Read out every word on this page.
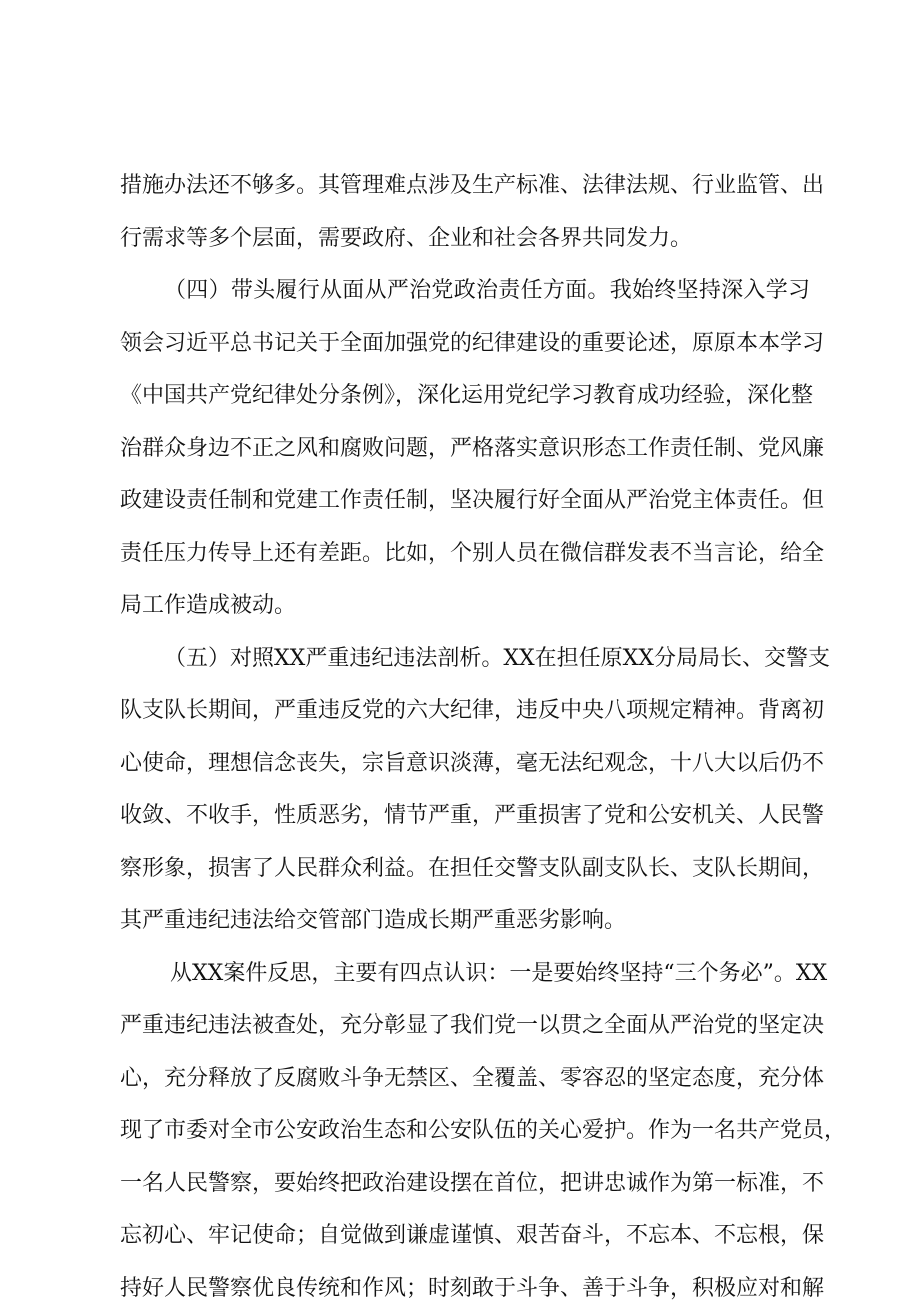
措施办法还不够多。其管理难点涉及生产标准、法律法规、行业监管、出
行需求等多个层面，需要政府、企业和社会各界共同发力。
（四）带头履行从面从严治党政治责任方面。我始终坚持深入学习
领会习近平总书记关于全面加强党的纪律建设的重要论述，原原本本学习
《中国共产党纪律处分条例》，深化运用党纪学习教育成功经验，深化整
治群众身边不正之风和腐败问题，严格落实意识形态工作责任制、党风廉
政建设责任制和党建工作责任制，坚决履行好全面从严治党主体责任。但
责任压力传导上还有差距。比如，个别人员在微信群发表不当言论，给全
局工作造成被动。
（五）对照XX严重违纪违法剖析。XX在担任原XX分局局长、交警支
队支队长期间，严重违反党的六大纪律，违反中央八项规定精神。背离初
心使命，理想信念丧失，宗旨意识淡薄，毫无法纪观念，十八大以后仍不
收敛、不收手，性质恶劣，情节严重，严重损害了党和公安机关、人民警
察形象，损害了人民群众利益。在担任交警支队副支队长、支队长期间，
其严重违纪违法给交管部门造成长期严重恶劣影响。
从XX案件反思，主要有四点认识：一是要始终坚持“三个务必”。XX
严重违纪违法被查处，充分彰显了我们党一以贯之全面从严治党的坚定决
心，充分释放了反腐败斗争无禁区、全覆盖、零容忍的坚定态度，充分体
现了市委对全市公安政治生态和公安队伍的关心爱护。作为一名共产党员，
一名人民警察，要始终把政治建设摆在首位，把讲忠诚作为第一标准，不
忘初心、牢记使命；自觉做到谦虚谨慎、艰苦奋斗，不忘本、不忘根，保
持好人民警察优良传统和作风；时刻敢于斗争、善于斗争，积极应对和解
